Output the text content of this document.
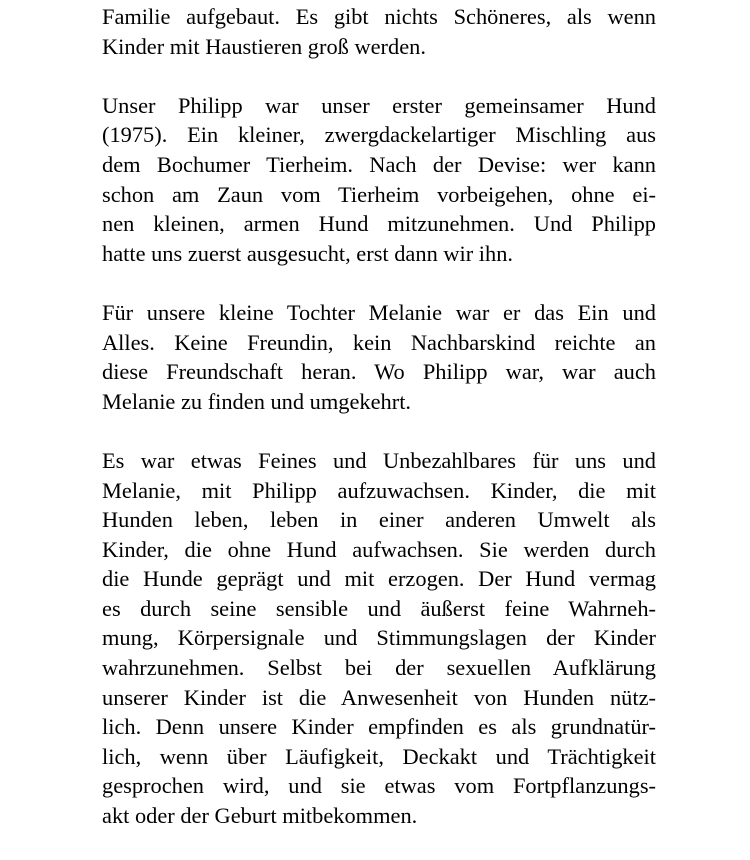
Familie aufgebaut. Es gibt nichts Schöneres, als wenn
Kinder mit Haustieren groß werden.
Unser Philipp war unser erster gemeinsamer Hund
(1975). Ein kleiner, zwergdackelartiger Mischling aus
dem Bochumer Tierheim. Nach der Devise: wer kann
schon am Zaun vom Tierheim vorbeigehen, ohne ei-
nen kleinen, armen Hund mitzunehmen. Und Philipp
hatte uns zuerst ausgesucht, erst dann wir ihn.
Für unsere kleine Tochter Melanie war er das Ein und
Alles. Keine Freundin, kein Nachbarskind reichte an
diese Freundschaft heran. Wo Philipp war, war auch
Melanie zu finden und umgekehrt.
Es war etwas Feines und Unbezahlbares für uns und
Melanie, mit Philipp aufzuwachsen. Kinder, die mit
Hunden leben, leben in einer anderen Umwelt als
Kinder, die ohne Hund aufwachsen. Sie werden durch
die Hunde geprägt und mit erzogen. Der Hund vermag
es durch seine sensible und äußerst feine Wahrneh-
mung, Körpersignale und Stimmungslagen der Kinder
wahrzunehmen. Selbst bei der sexuellen Aufklärung
unserer Kinder ist die Anwesenheit von Hunden nütz-
lich. Denn unsere Kinder empfinden es als grundnatür-
lich, wenn über Läufigkeit, Deckakt und Trächtigkeit
gesprochen wird, und sie etwas vom Fortpflanzungs-
akt oder der Geburt mitbekommen.
